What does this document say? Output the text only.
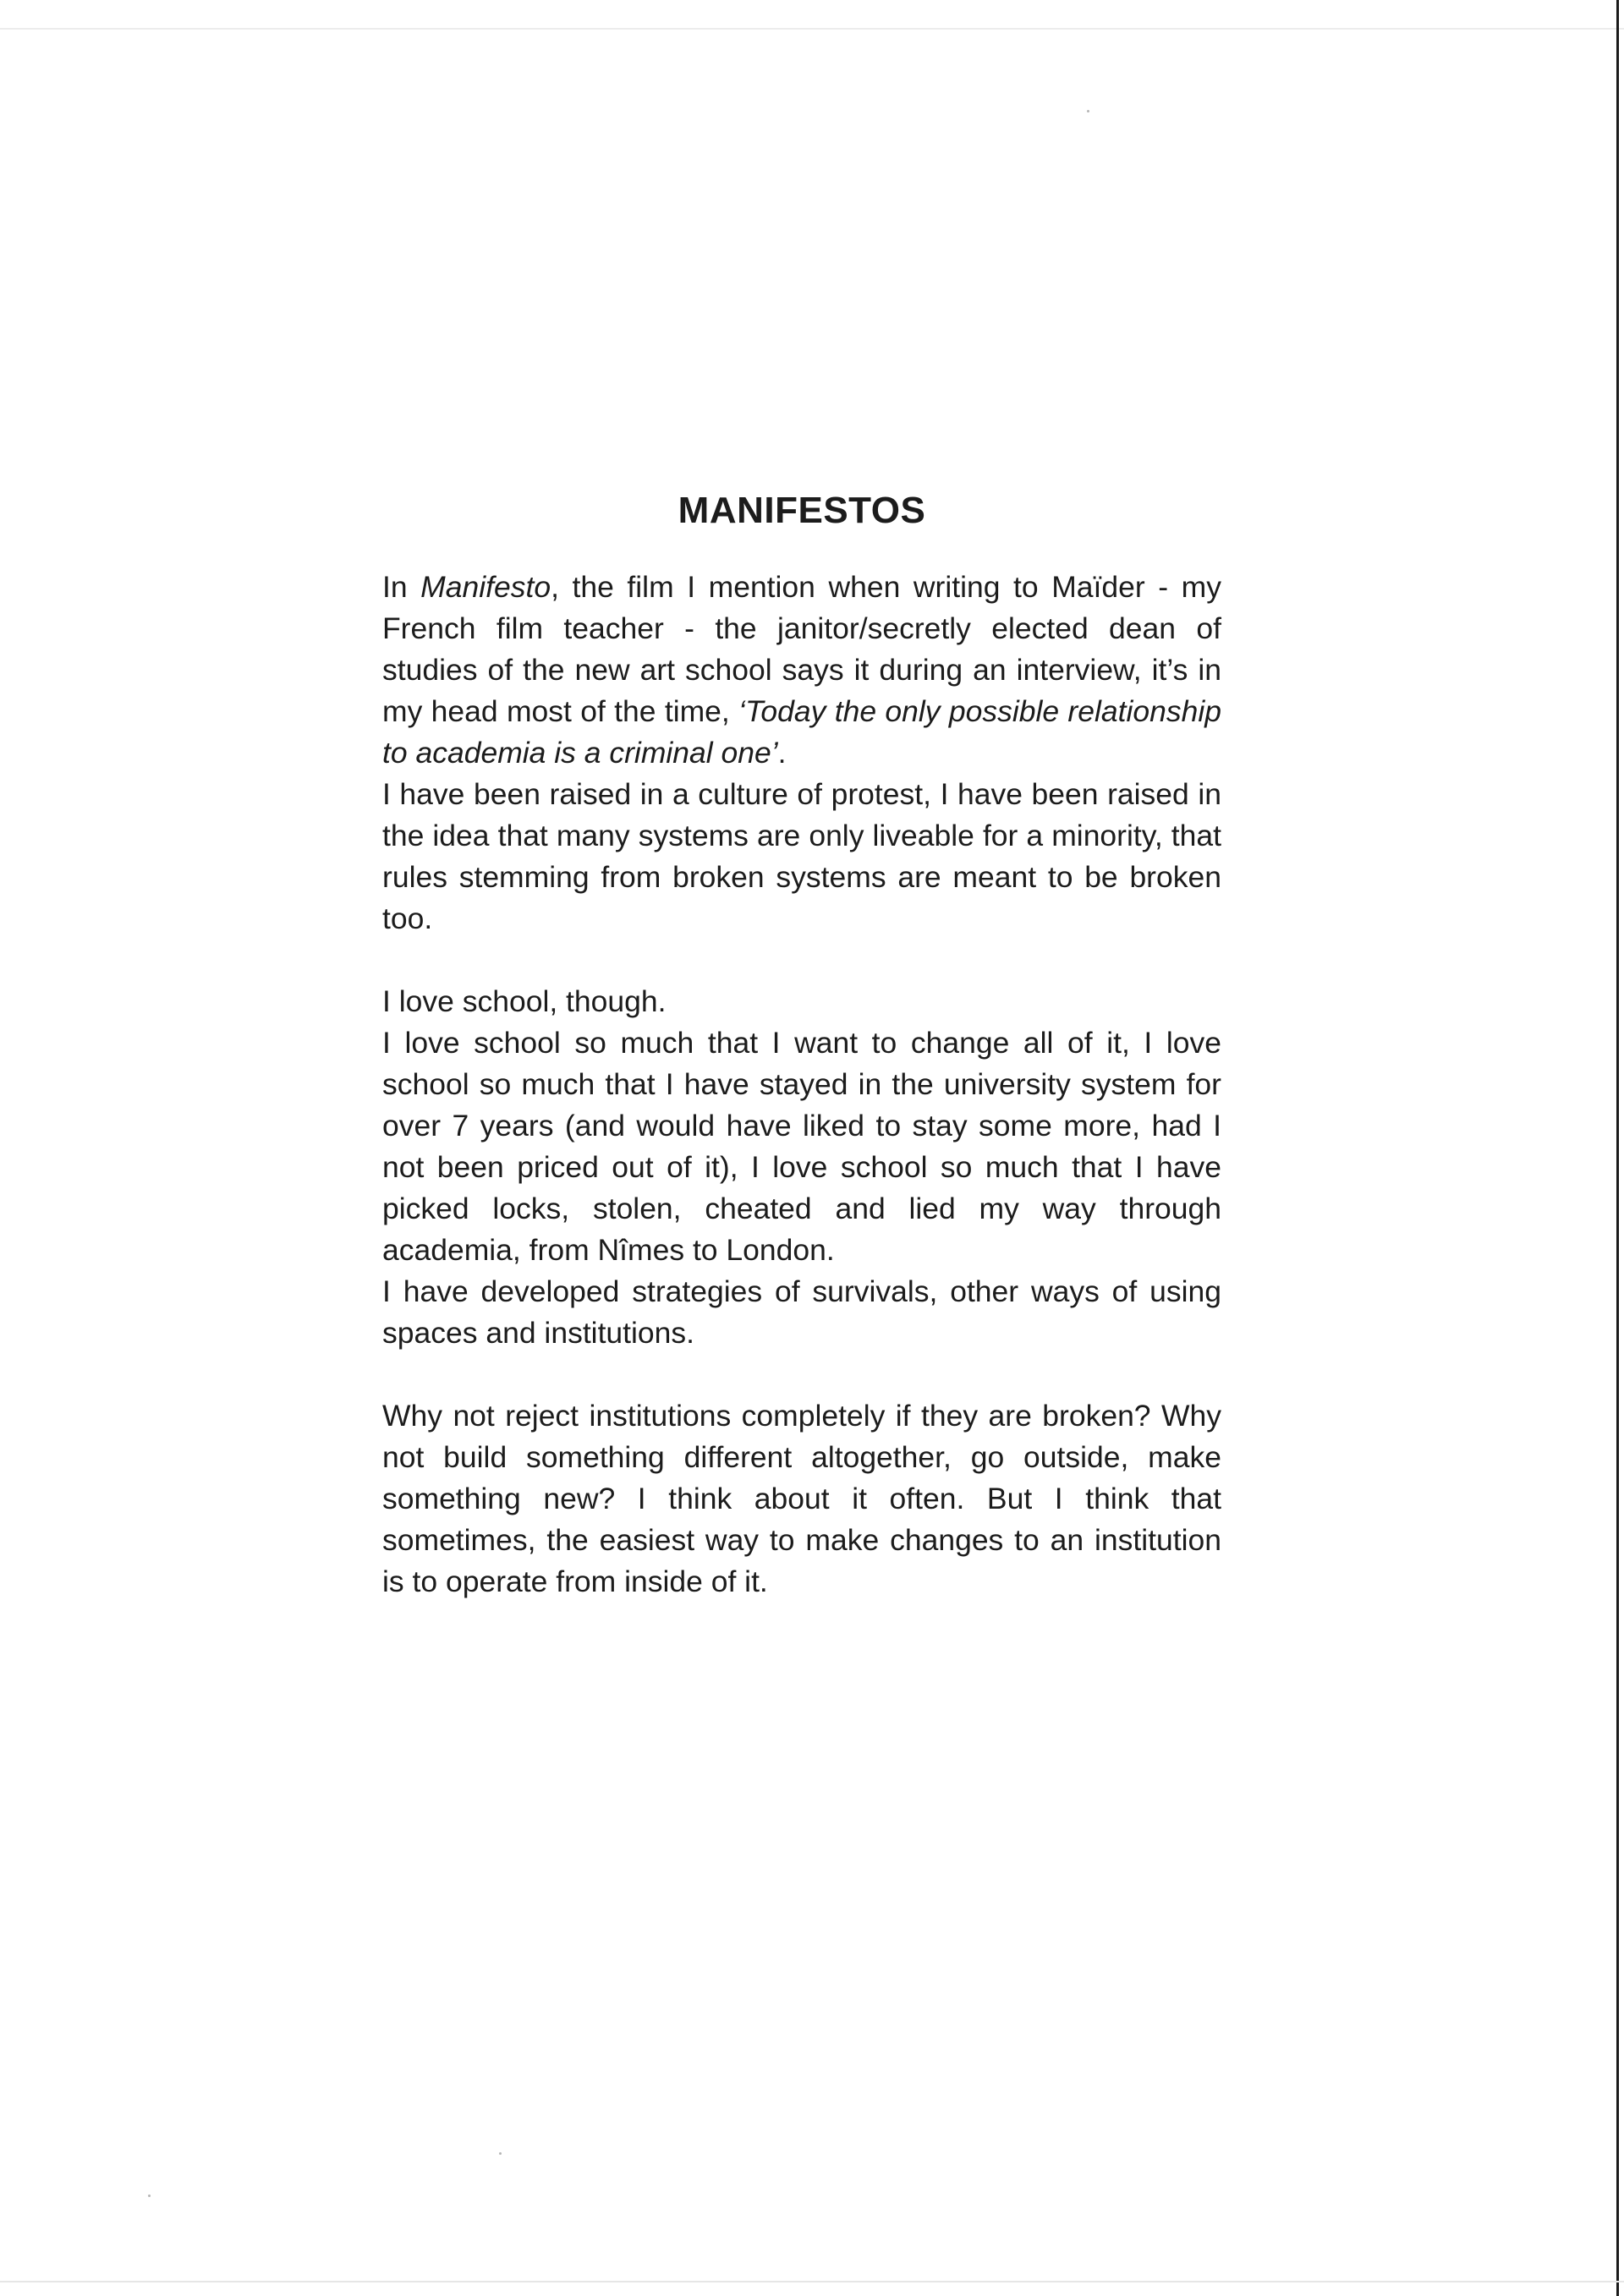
MANIFESTOS

In Manifesto, the film I mention when writing to Maïder - my French film teacher - the janitor/secretly elected dean of studies of the new art school says it during an interview, it’s in my head most of the time, ‘Today the only possible relationship to academia is a criminal one’.

I have been raised in a culture of protest, I have been raised in the idea that many systems are only liveable for a minority, that rules stemming from broken systems are meant to be broken too.

I love school, though.

I love school so much that I want to change all of it, I love school so much that I have stayed in the university system for over 7 years (and would have liked to stay some more, had I not been priced out of it), I love school so much that I have picked locks, stolen, cheated and lied my way through academia, from Nîmes to London.

I have developed strategies of survivals, other ways of using spaces and institutions.

Why not reject institutions completely if they are broken? Why not build something different altogether, go outside, make something new? I think about it often. But I think that sometimes, the easiest way to make changes to an institution is to operate from inside of it.
